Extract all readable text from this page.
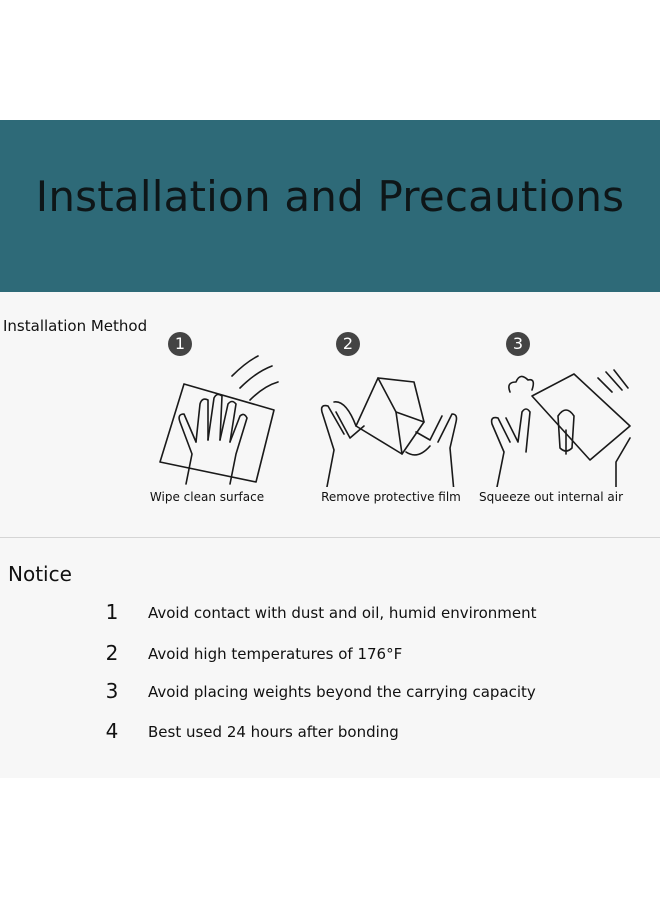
Installation and Precautions
Installation Method
1
Wipe clean surface
2
Remove protective film
3
Squeeze out internal air
Notice
1	Avoid contact with dust and oil, humid environment
2	Avoid high temperatures of 176°F
3	Avoid placing weights beyond the carrying capacity
4	Best used 24 hours after bonding
